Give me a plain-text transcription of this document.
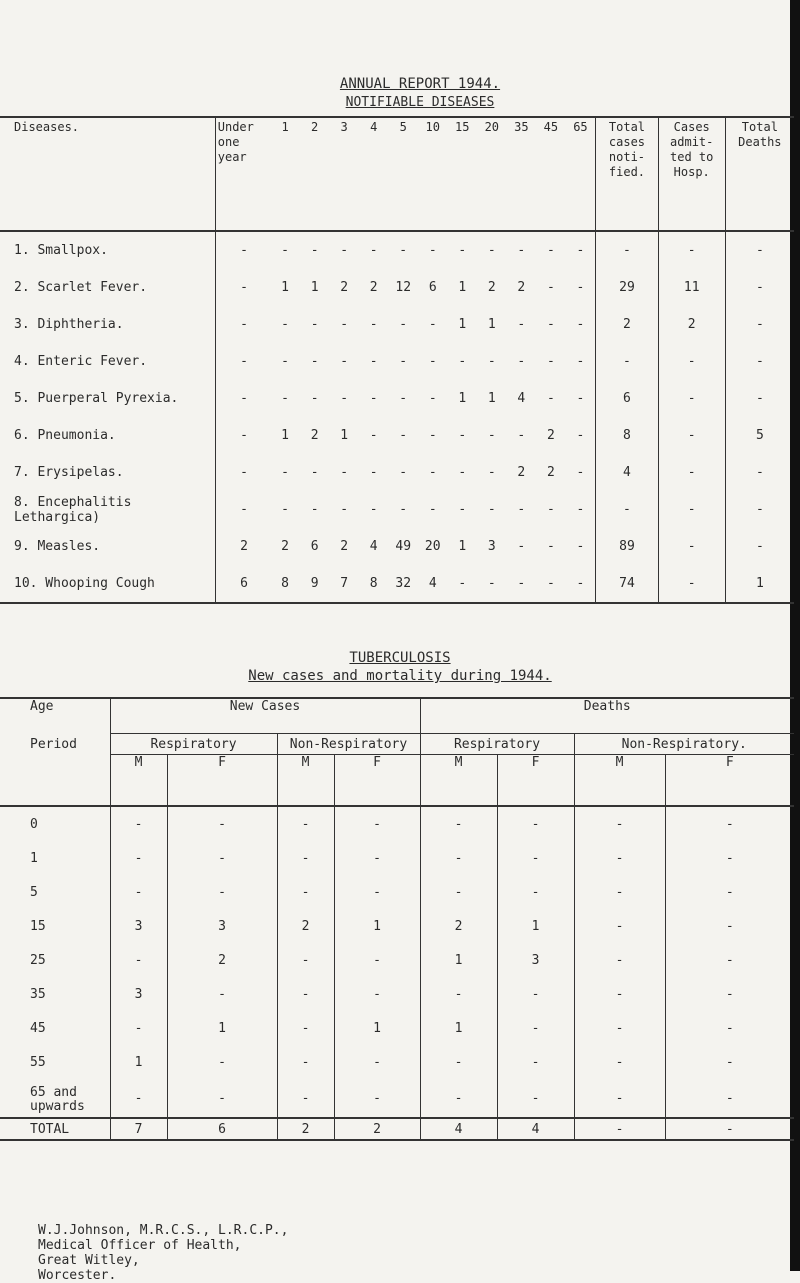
ANNUAL REPORT 1944.
NOTIFIABLE DISEASES
Diseases.	Under one year	1	2	3	4	5	10	15	20	35	45	65	Total cases noti- fied.	Cases admit- ted to Hosp.	Total Deaths
1. Smallpox.	-	-	-	-	-	-	-	-	-	-	-	-	-	-	-
2. Scarlet Fever.	-	1	1	2	2	12	6	1	2	2	-	-	29	11	-
3. Diphtheria.	-	-	-	-	-	-	-	1	1	-	-	-	2	2	-
4. Enteric Fever.	-	-	-	-	-	-	-	-	-	-	-	-	-	-	-
5. Puerperal Pyrexia.	-	-	-	-	-	-	-	1	1	4	-	-	6	-	-
6. Pneumonia.	-	1	2	1	-	-	-	-	-	-	2	-	8	-	5
7. Erysipelas.	-	-	-	-	-	-	-	-	-	2	2	-	4	-	-
8. Encephalitis Lethargica)	-	-	-	-	-	-	-	-	-	-	-	-	-	-	-
9. Measles.	2	2	6	2	4	49	20	1	3	-	-	-	89	-	-
10. Whooping Cough	6	8	9	7	8	32	4	-	-	-	-	-	74	-	1
TUBERCULOSIS
New cases and mortality during 1944.
Age	New Cases				Deaths			
Period	Respiratory		Non-Respiratory		Respiratory		Non-Respiratory.	
	M	F	M	F	M	F	M	F
0	-	-	-	-	-	-	-	-
1	-	-	-	-	-	-	-	-
5	-	-	-	-	-	-	-	-
15	3	3	2	1	2	1	-	-
25	-	2	-	-	1	3	-	-
35	3	-	-	-	-	-	-	-
45	-	1	-	1	1	-	-	-
55	1	-	-	-	-	-	-	-
65 and upwards	-	-	-	-	-	-	-	-
TOTAL	7	6	2	2	4	4	-	-
W.J.Johnson, M.R.C.S., L.R.C.P.,
Medical Officer of Health,
Great Witley,
Worcester.
